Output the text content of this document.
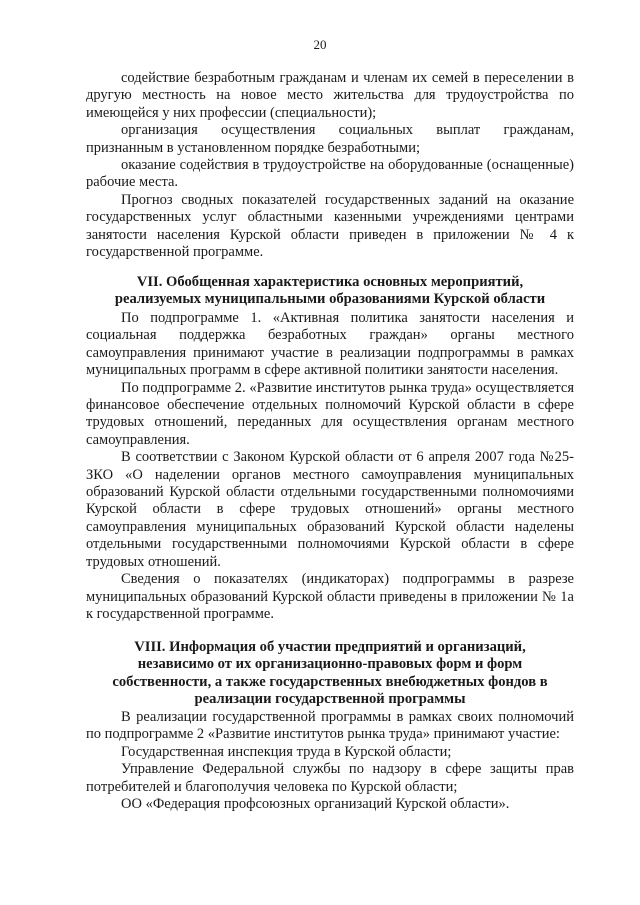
20

содействие безработным гражданам и членам их семей в переселении в другую местность на новое место жительства для трудоустройства по имеющейся у них профессии (специальности);

организация осуществления социальных выплат гражданам, признанным в установленном порядке безработными;

оказание содействия в трудоустройстве на оборудованные (оснащенные) рабочие места.

Прогноз сводных показателей государственных заданий на оказание государственных услуг областными казенными учреждениями центрами занятости населения Курской области приведен в приложении № 4 к государственной программе.

VII. Обобщенная характеристика основных мероприятий,
реализуемых муниципальными образованиями Курской области

По подпрограмме 1. «Активная политика занятости населения и социальная поддержка безработных граждан» органы местного самоуправления принимают участие в реализации подпрограммы в рамках муниципальных программ в сфере активной политики занятости населения.

По подпрограмме 2. «Развитие институтов рынка труда» осуществляется финансовое обеспечение отдельных полномочий Курской области в сфере трудовых отношений, переданных для осуществления органам местного самоуправления.

В соответствии с Законом Курской области от 6 апреля 2007 года №25-ЗКО «О наделении органов местного самоуправления муниципальных образований Курской области отдельными государственными полномочиями Курской области в сфере трудовых отношений» органы местного самоуправления муниципальных образований Курской области наделены отдельными государственными полномочиями Курской области в сфере трудовых отношений.

Сведения о показателях (индикаторах) подпрограммы в разрезе муниципальных образований Курской области приведены в приложении № 1а к государственной программе.

VIII. Информация об участии предприятий и организаций,
независимо от их организационно-правовых форм и форм
собственности, а также государственных внебюджетных фондов в
реализации государственной программы

В реализации государственной программы в рамках своих полномочий по подпрограмме 2 «Развитие институтов рынка труда» принимают участие:

Государственная инспекция труда в Курской области;

Управление Федеральной службы по надзору в сфере защиты прав потребителей и благополучия человека по Курской области;

ОО «Федерация профсоюзных организаций Курской области».
